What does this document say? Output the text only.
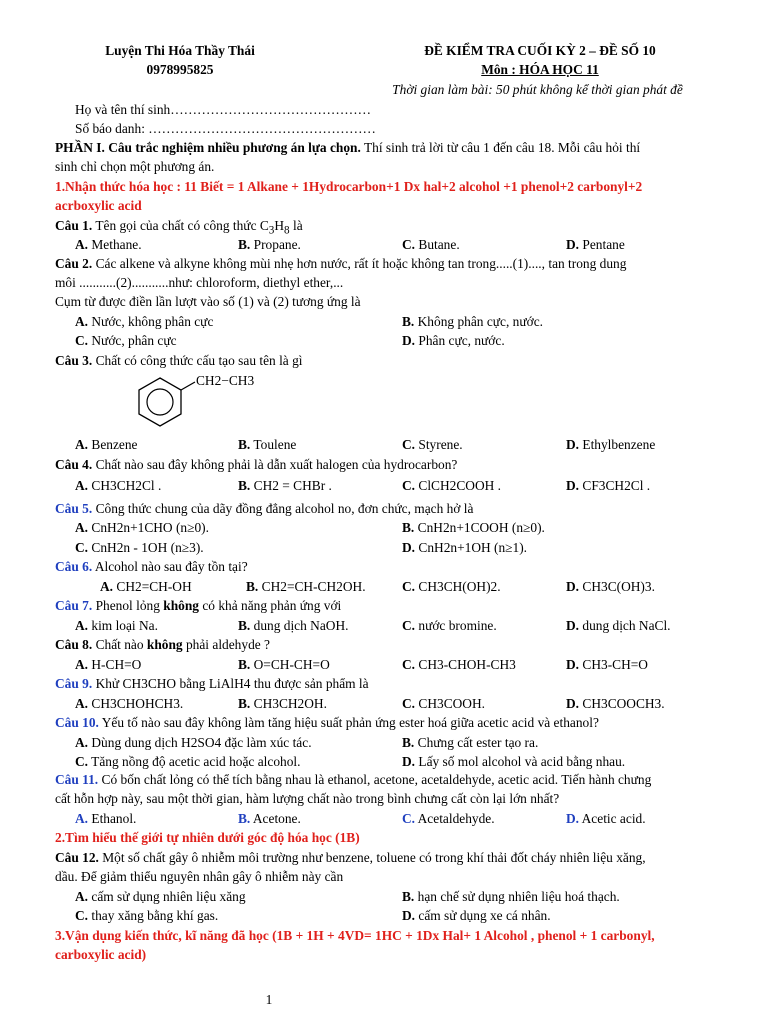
Luyện Thi Hóa Thầy Thái
0978995825
ĐỀ KIỂM TRA CUỐI KỲ 2 – ĐỀ SỐ 10
Môn : HÓA HỌC 11
Thời gian làm bài: 50 phút không kể thời gian phát đề
Họ và tên thí sinh………………………………………
Số báo danh: ……………………………………………
PHẦN I. Câu trắc nghiệm nhiều phương án lựa chọn. Thí sinh trả lời từ câu 1 đến câu 18. Mỗi câu hỏi thí
sinh chỉ chọn một phương án.
1.Nhận thức hóa học : 11 Biết = 1 Alkane + 1Hydrocarbon+1 Dx hal+2 alcohol +1 phenol+2 carbonyl+2
acrboxylic acid
Câu 1. Tên gọi của chất có công thức $C_3H_8$ là
A. Methane.	B. Propane.	C. Butane.	D. Pentane
Câu 2. Các alkene và alkyne không mùi nhẹ hơn nước, rất ít hoặc không tan trong.....(1)...., tan trong dung
môi ...........(2)...........như: chloroform, diethyl ether,...
Cụm từ được điền lần lượt vào số (1) và (2) tương ứng là
A. Nước, không phân cực	B. Không phân cực, nước.
C. Nước, phân cực	D. Phân cực, nước.
Câu 3. Chất có công thức cấu tạo sau tên là gì
CH2−CH3
A. Benzene	B. Toulene	C. Styrene.	D. Ethylbenzene
Câu 4. Chất nào sau đây không phải là dẫn xuất halogen của hydrocarbon?
A. CH3CH2Cl .	B. CH2 = CHBr .	C. ClCH2COOH .	D. CF3CH2Cl .
Câu 5. Công thức chung của dãy đồng đẳng alcohol no, đơn chức, mạch hở là
A. CnH2n+1CHO (n≥0).	B. CnH2n+1COOH (n≥0).
C. CnH2n - 1OH (n≥3).	D. CnH2n+1OH (n≥1).
Câu 6. Alcohol nào sau đây tồn tại?
A. CH2=CH-OH	B. CH2=CH-CH2OH.	C. CH3CH(OH)2.	D. CH3C(OH)3.
Câu 7. Phenol lỏng không có khả năng phản ứng với
A. kim loại Na.	B. dung dịch NaOH.	C. nước bromine.	D. dung dịch NaCl.
Câu 8. Chất nào không phải aldehyde ?
A. H-CH=O	B. O=CH-CH=O	C. CH3-CHOH-CH3	D. CH3-CH=O
Câu 9. Khử CH3CHO bằng LiAlH4 thu được sản phẩm là
A. CH3CHOHCH3.	B. CH3CH2OH.	C. CH3COOH.	D. CH3COOCH3.
Câu 10. Yếu tố nào sau đây không làm tăng hiệu suất phản ứng ester hoá giữa acetic acid và ethanol?
A. Dùng dung dịch H2SO4 đặc làm xúc tác.	B. Chưng cất ester tạo ra.
C. Tăng nồng độ acetic acid hoặc alcohol.	D. Lấy số mol alcohol và acid bằng nhau.
Câu 11. Có bốn chất lỏng có thể tích bằng nhau là ethanol, acetone, acetaldehyde, acetic acid. Tiến hành chưng
cất hỗn hợp này, sau một thời gian, hàm lượng chất nào trong bình chưng cất còn lại lớn nhất?
A. Ethanol.	B. Acetone.	C. Acetaldehyde.	D. Acetic acid.
2.Tìm hiểu thế giới tự nhiên dưới góc độ hóa học (1B)
Câu 12. Một số chất gây ô nhiễm môi trường như benzene, toluene có trong khí thải đốt cháy nhiên liệu xăng,
dầu. Để giảm thiểu nguyên nhân gây ô nhiễm này cần
A. cấm sử dụng nhiên liệu xăng	B. hạn chế sử dụng nhiên liệu hoá thạch.
C. thay xăng bằng khí gas.	D. cấm sử dụng xe cá nhân.
3.Vận dụng kiến thức, kĩ năng đã học (1B + 1H + 4VD= 1HC + 1Dx Hal+ 1 Alcohol , phenol + 1 carbonyl,
carboxylic acid)
1
